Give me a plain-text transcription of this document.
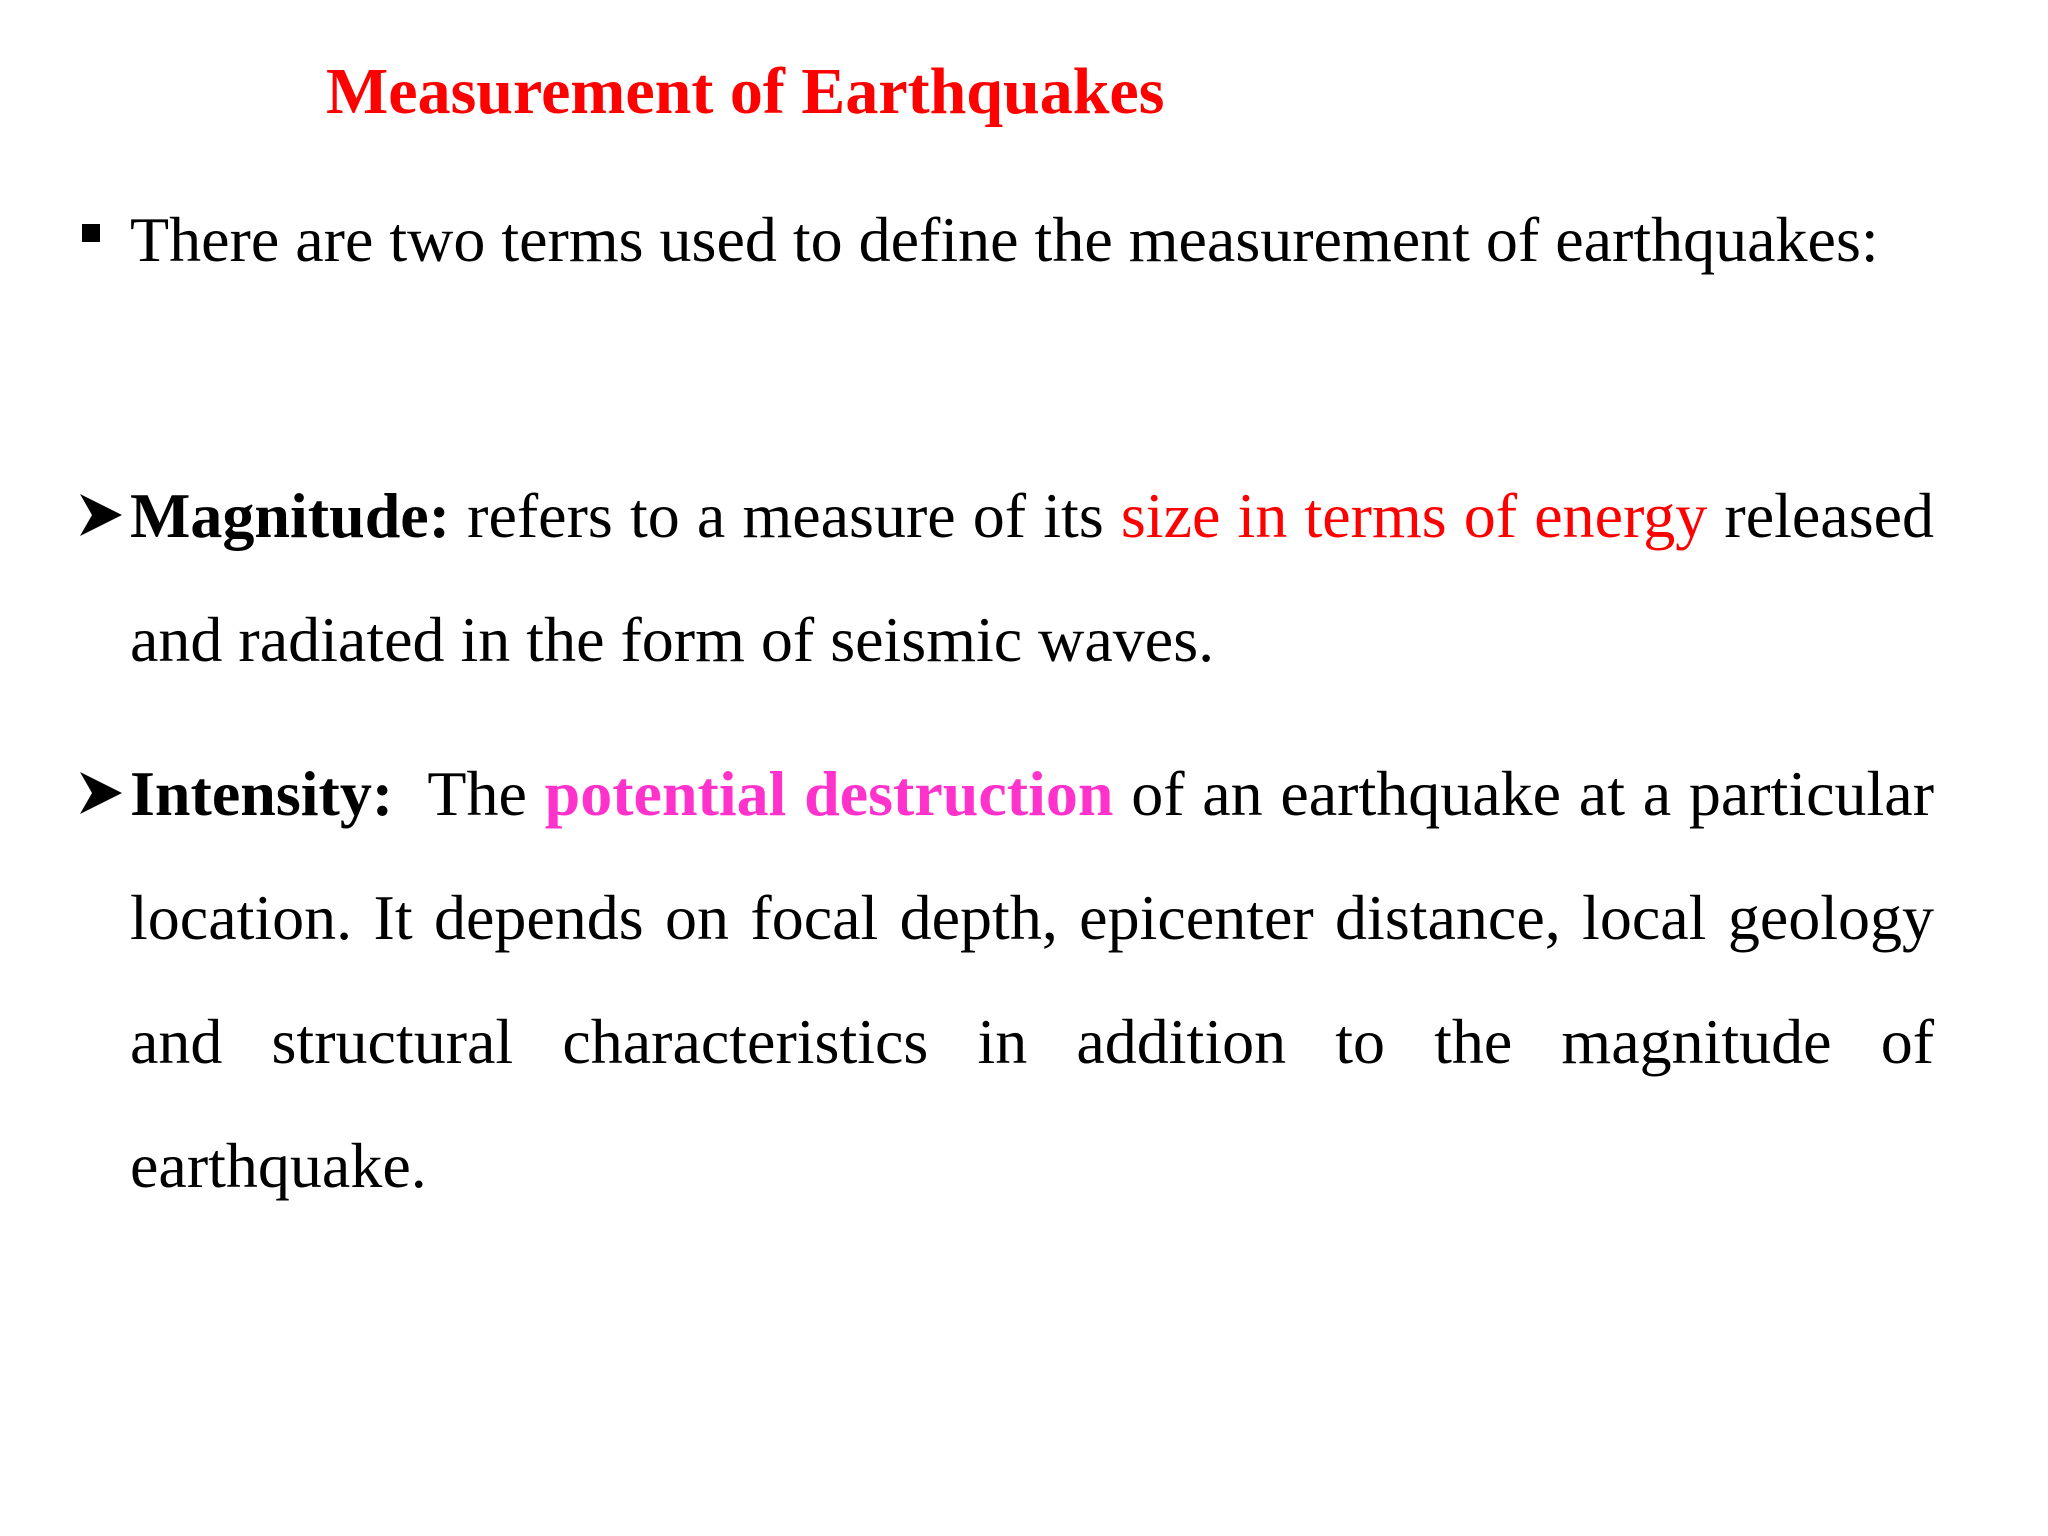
Measurement of Earthquakes
There are two terms used to define the measurement of earthquakes:
Magnitude: refers to a measure of its size in terms of energy released and radiated in the form of seismic waves.
Intensity:  The potential destruction of an earthquake at a particular location. It depends on focal depth, epicenter distance, local geology and structural characteristics in addition to the magnitude of earthquake.
